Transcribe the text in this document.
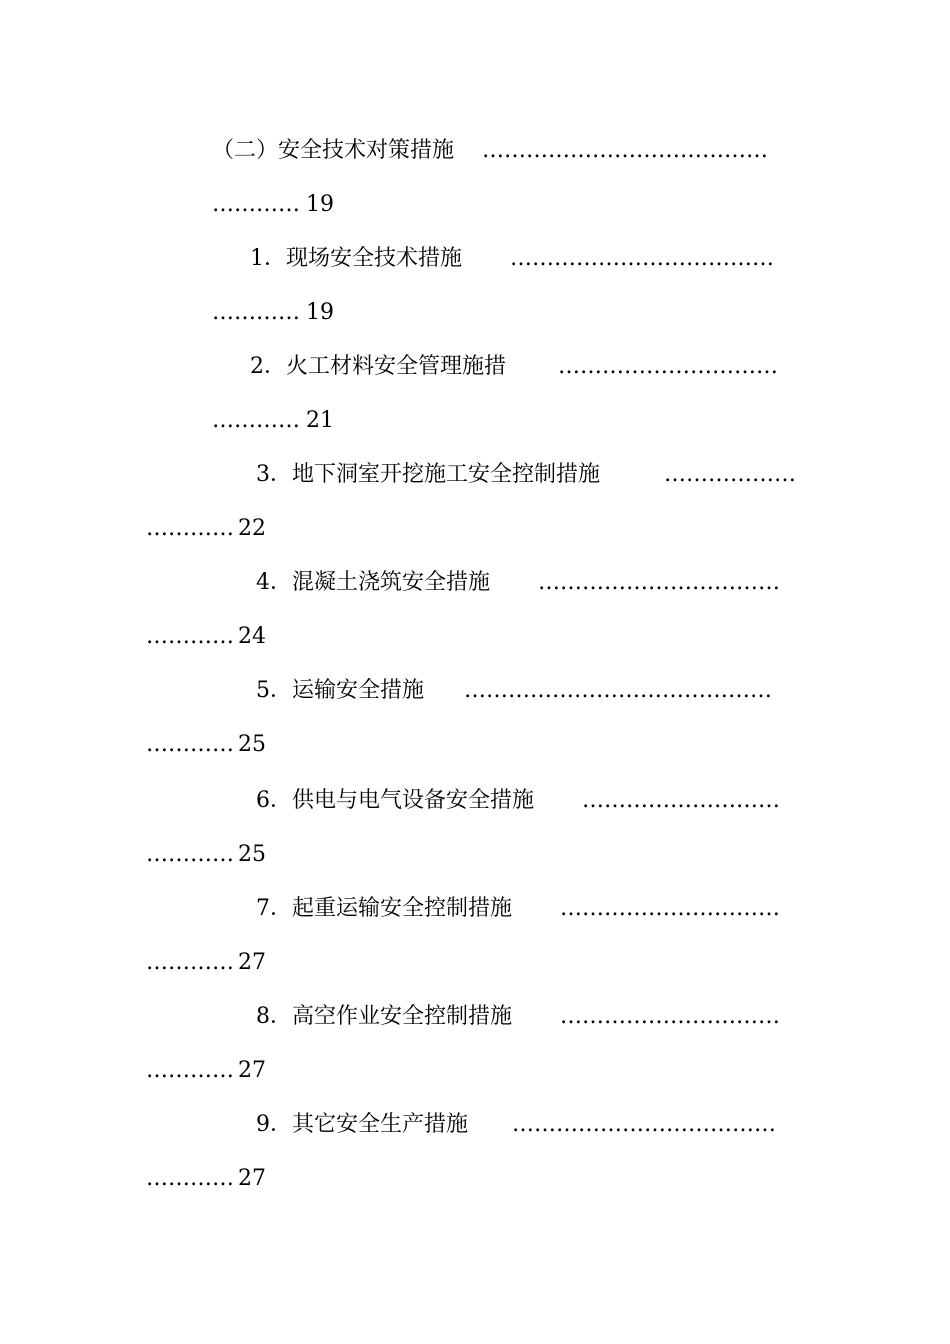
（二）安全技术对策措施 …………………………………
………… 19
1．现场安全技术措施 ………………………………
………… 19
2．火工材料安全管理施措 …………………………
………… 21
3．地下洞室开挖施工安全控制措施	………………
………… 22
4．混凝土浇筑安全措施 ……………………………
………… 24
5．运输安全措施 ……………………………………
………… 25
6．供电与电气设备安全措施 ………………………
………… 25
7．起重运输安全控制措施 …………………………
………… 27
8．高空作业安全控制措施 …………………………
………… 27
9．其它安全生产措施 ………………………………
………… 27
